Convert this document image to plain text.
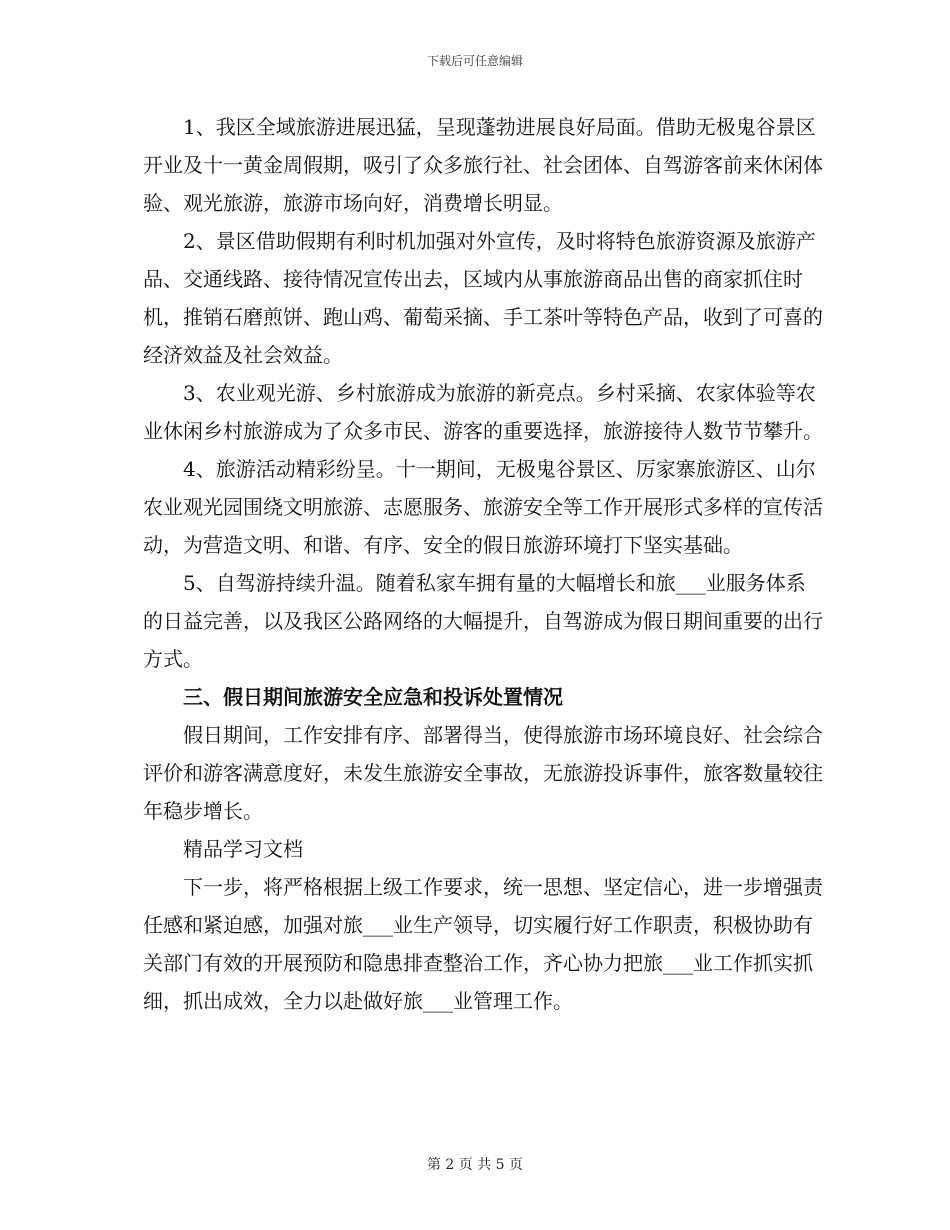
下载后可任意编辑

1、我区全域旅游进展迅猛，呈现蓬勃进展良好局面。借助无极鬼谷景区开业及十一黄金周假期，吸引了众多旅行社、社会团体、自驾游客前来休闲体验、观光旅游，旅游市场向好，消费增长明显。

2、景区借助假期有利时机加强对外宣传，及时将特色旅游资源及旅游产品、交通线路、接待情况宣传出去，区域内从事旅游商品出售的商家抓住时机，推销石磨煎饼、跑山鸡、葡萄采摘、手工茶叶等特色产品，收到了可喜的经济效益及社会效益。

3、农业观光游、乡村旅游成为旅游的新亮点。乡村采摘、农家体验等农业休闲乡村旅游成为了众多市民、游客的重要选择，旅游接待人数节节攀升。

4、旅游活动精彩纷呈。十一期间，无极鬼谷景区、厉家寨旅游区、山尔农业观光园围绕文明旅游、志愿服务、旅游安全等工作开展形式多样的宣传活动，为营造文明、和谐、有序、安全的假日旅游环境打下坚实基础。

5、自驾游持续升温。随着私家车拥有量的大幅增长和旅___业服务体系的日益完善，以及我区公路网络的大幅提升，自驾游成为假日期间重要的出行方式。

三、假日期间旅游安全应急和投诉处置情况

假日期间，工作安排有序、部署得当，使得旅游市场环境良好、社会综合评价和游客满意度好，未发生旅游安全事故，无旅游投诉事件，旅客数量较往年稳步增长。

精品学习文档

下一步，将严格根据上级工作要求，统一思想、坚定信心，进一步增强责任感和紧迫感，加强对旅___业生产领导，切实履行好工作职责，积极协助有关部门有效的开展预防和隐患排查整治工作，齐心协力把旅___业工作抓实抓细，抓出成效，全力以赴做好旅___业管理工作。

第 2 页 共 5 页
